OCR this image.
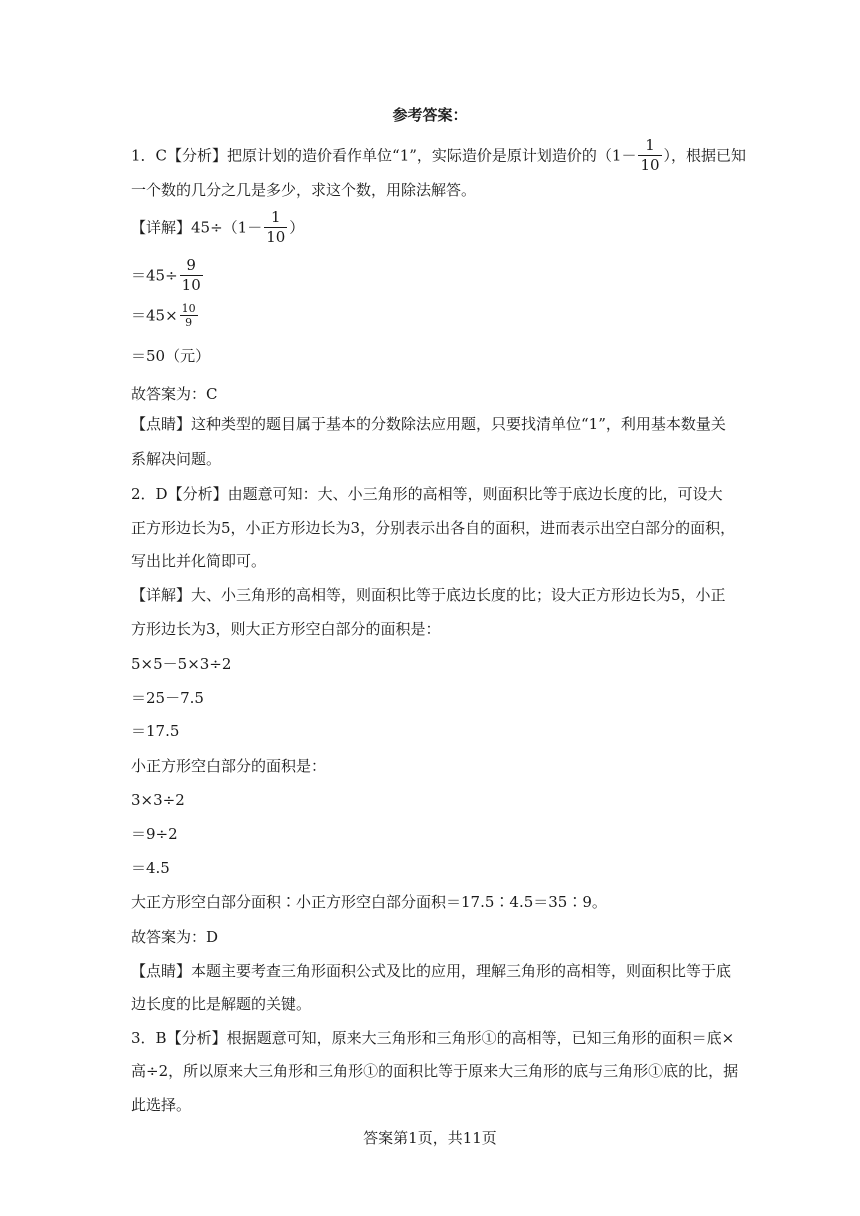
参考答案：
1．C【分析】把原计划的造价看作单位“1”，实际造价是原计划造价的（$1- \frac{1}{10}$ ），根据已知
一个数的几分之几是多少，求这个数，用除法解答。
【详解】$45\div(1- \frac{1}{10}$ ）
$=45\div \frac{9}{10}$
$=45\times \frac{10}{9}$
＝50（元）
故答案为：C
【点睛】这种类型的题目属于基本的分数除法应用题，只要找清单位“1”，利用基本数量关
系解决问题。
2．D【分析】由题意可知：大、小三角形的高相等，则面积比等于底边长度的比，可设大
正方形边长为5，小正方形边长为3，分别表示出各自的面积，进而表示出空白部分的面积，
写出比并化简即可。
【详解】大、小三角形的高相等，则面积比等于底边长度的比；设大正方形边长为5，小正
方形边长为3，则大正方形空白部分的面积是：
5×5－5×3÷2
＝25－7.5
＝17.5
小正方形空白部分的面积是：
3×3÷2
＝9÷2
＝4.5
大正方形空白部分面积∶小正方形空白部分面积＝17.5∶4.5＝35∶9。
故答案为：D
【点睛】本题主要考查三角形面积公式及比的应用，理解三角形的高相等，则面积比等于底
边长度的比是解题的关键。
3．B【分析】根据题意可知，原来大三角形和三角形①的高相等，已知三角形的面积＝底×
高÷2，所以原来大三角形和三角形①的面积比等于原来大三角形的底与三角形①底的比，据
此选择。
答案第1页，共11页
